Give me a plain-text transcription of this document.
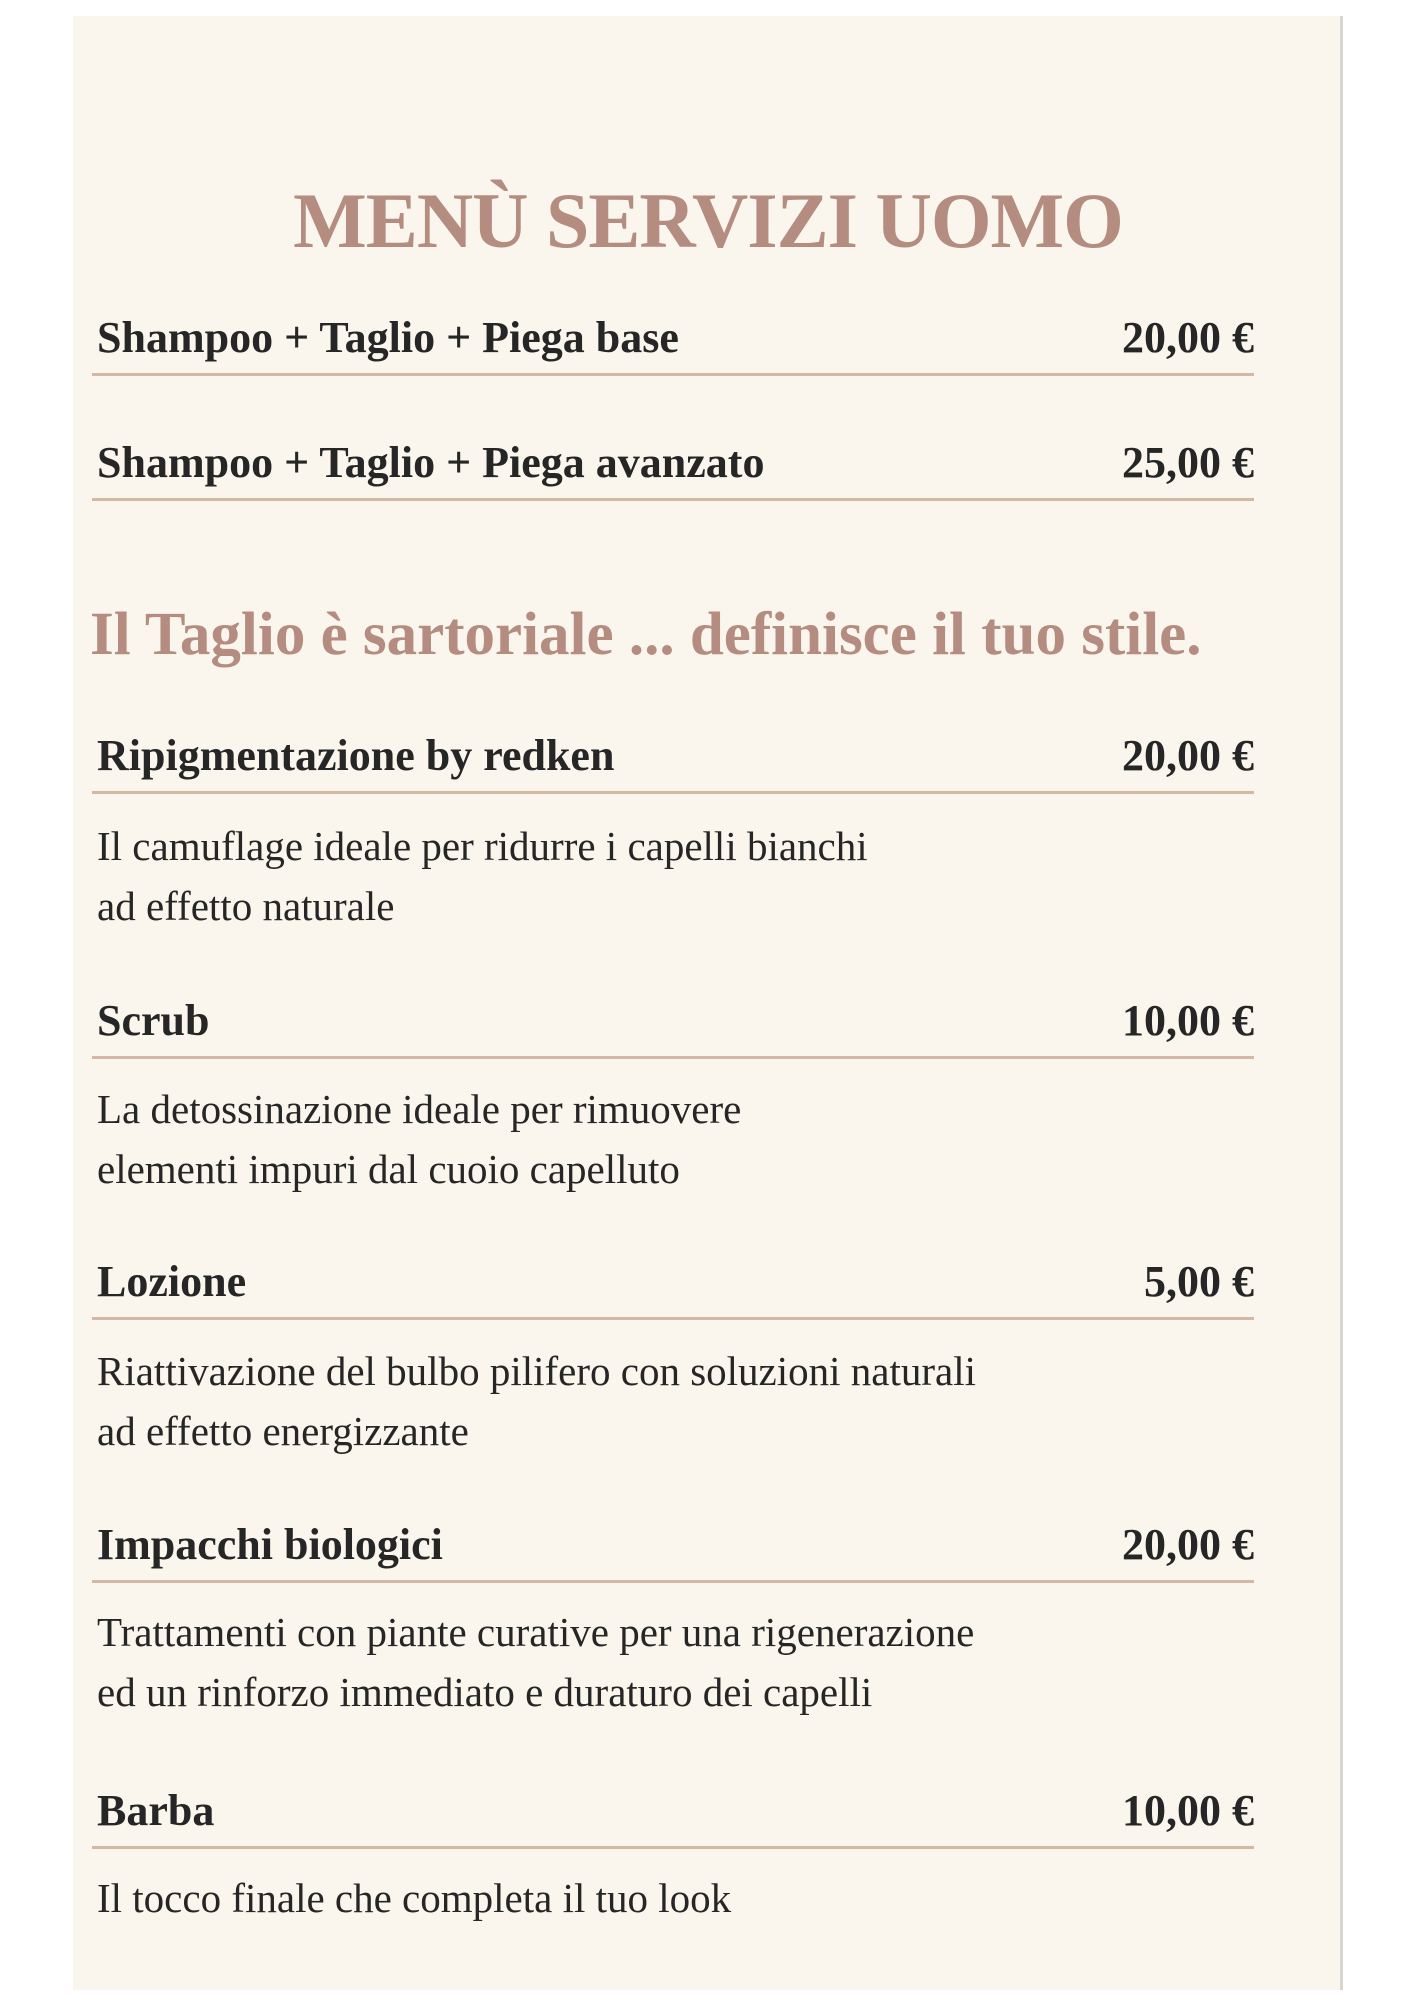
MENÙ SERVIZI UOMO
Shampoo + Taglio + Piega base	20,00 €
Shampoo + Taglio + Piega avanzato	25,00 €

Il Taglio è sartoriale ... definisce il tuo stile.

Ripigmentazione by redken	20,00 €

Il camuflage ideale per ridurre i capelli bianchi
ad effetto naturale

Scrub	10,00 €

La detossinazione ideale per rimuovere
elementi impuri dal cuoio capelluto

Lozione	5,00 €

Riattivazione del bulbo pilifero con soluzioni naturali
ad effetto energizzante

Impacchi biologici	20,00 €

Trattamenti con piante curative per una rigenerazione
ed un rinforzo immediato e duraturo dei capelli

Barba	10,00 €

Il tocco finale che completa il tuo look
